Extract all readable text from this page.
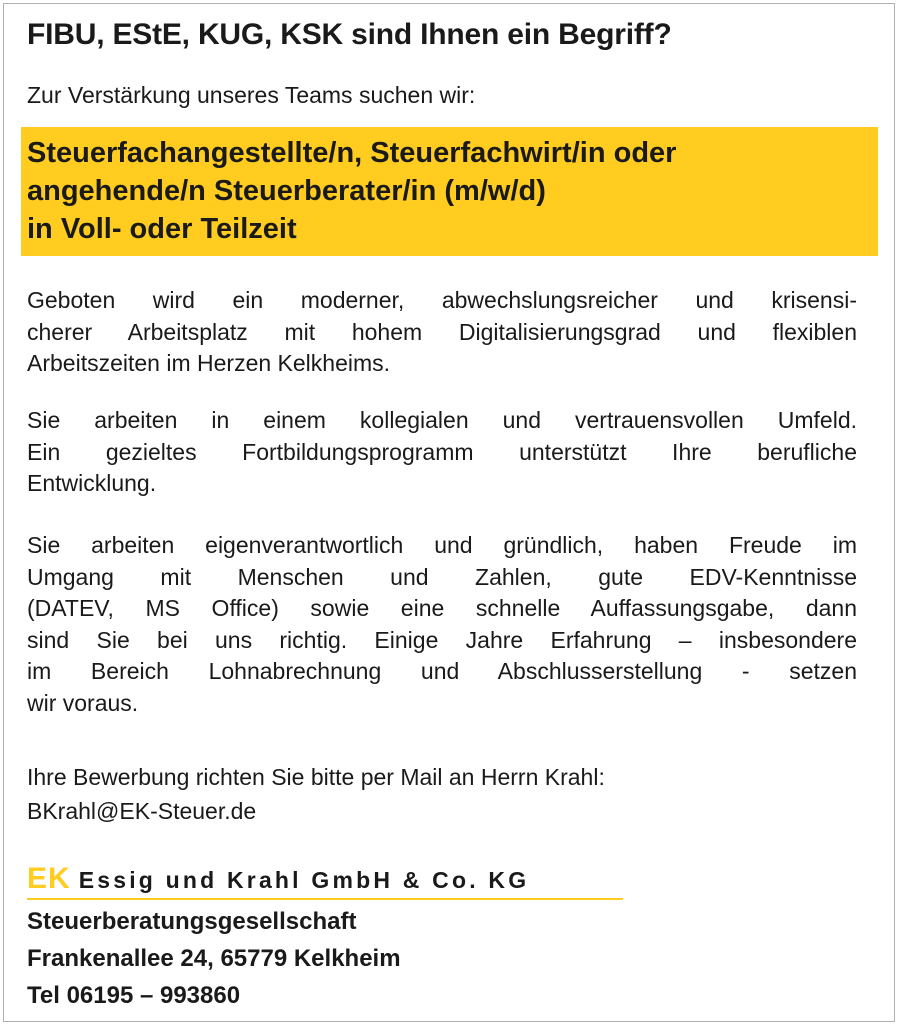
FIBU, EStE, KUG, KSK sind Ihnen ein Begriff?

Zur Verstärkung unseres Teams suchen wir:

Steuerfachangestellte/n, Steuerfachwirt/in oder
angehende/n Steuerberater/in (m/w/d)
in Voll- oder Teilzeit

Geboten wird ein moderner, abwechslungsreicher und krisensi-
cherer Arbeitsplatz mit hohem Digitalisierungsgrad und flexiblen
Arbeitszeiten im Herzen Kelkheims.

Sie arbeiten in einem kollegialen und vertrauensvollen Umfeld.
Ein gezieltes Fortbildungsprogramm unterstützt Ihre berufliche
Entwicklung.

Sie arbeiten eigenverantwortlich und gründlich, haben Freude im
Umgang mit Menschen und Zahlen, gute EDV-Kenntnisse
(DATEV, MS Office) sowie eine schnelle Auffassungsgabe, dann
sind Sie bei uns richtig. Einige Jahre Erfahrung – insbesondere
im Bereich Lohnabrechnung und Abschlusserstellung - setzen
wir voraus.

Ihre Bewerbung richten Sie bitte per Mail an Herrn Krahl:
BKrahl@EK-Steuer.de

EK Essig und Krahl GmbH & Co. KG

Steuerberatungsgesellschaft
Frankenallee 24, 65779 Kelkheim
Tel 06195 – 993860
